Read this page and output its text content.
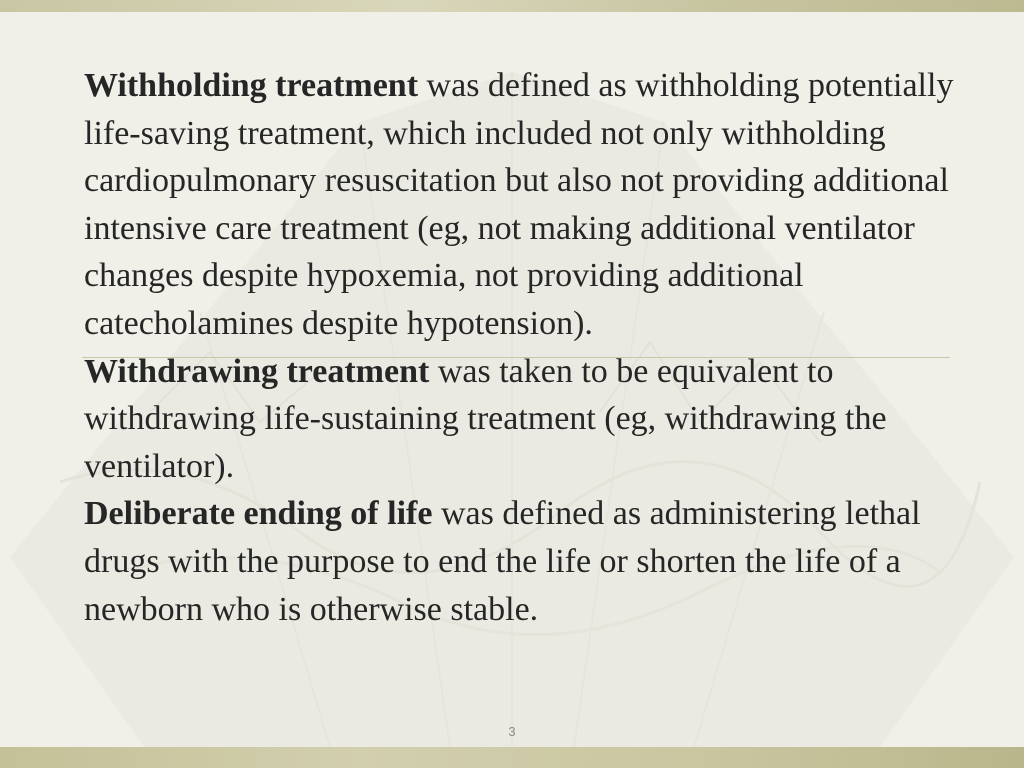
Withholding treatment was defined as withholding potentially life-saving treatment, which included not only withholding cardiopulmonary resuscitation but also not providing additional intensive care treatment (eg, not making additional ventilator changes despite hypoxemia, not providing additional catecholamines despite hypotension).

Withdrawing treatment was taken to be equivalent to withdrawing life-sustaining treatment (eg, withdrawing the ventilator).

Deliberate ending of life was defined as administering lethal drugs with the purpose to end the life or shorten the life of a newborn who is otherwise stable.

3
